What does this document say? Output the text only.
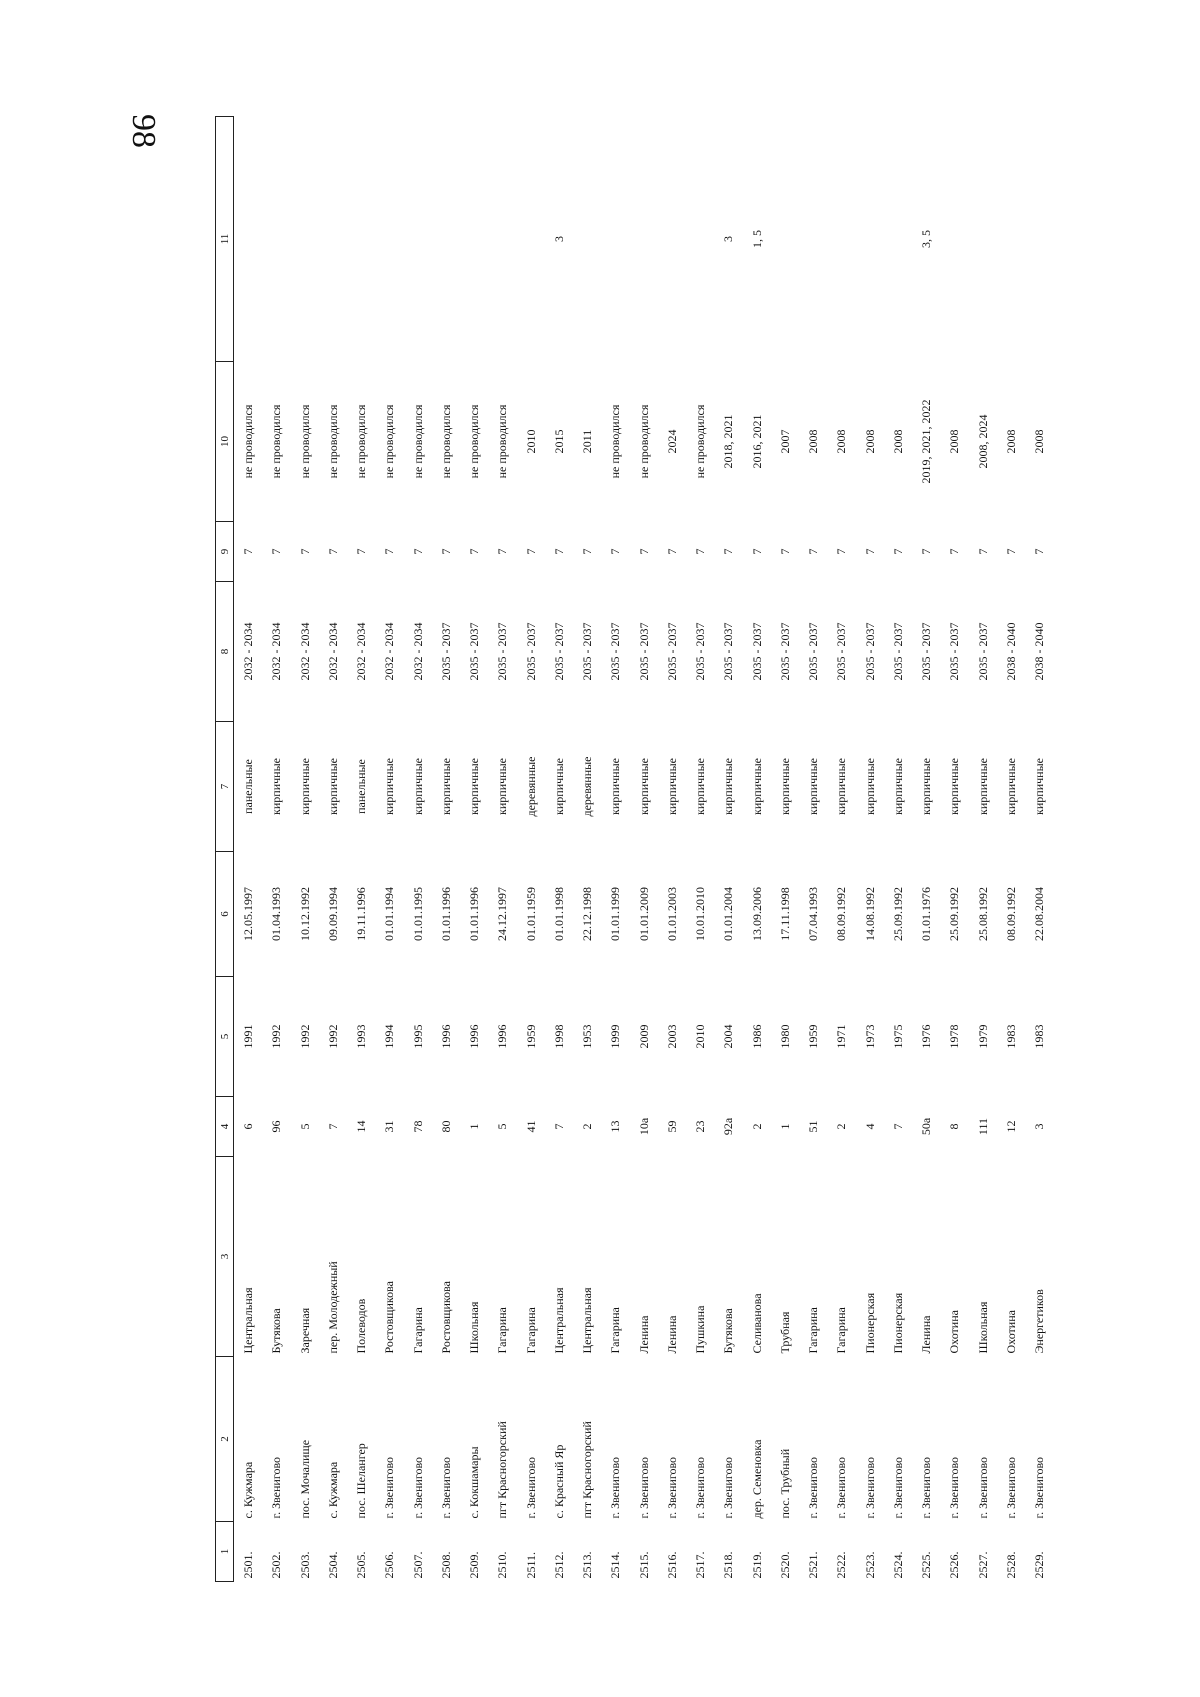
98
1	2	3	4	5	6	7	8	9	10	11
2501.	с. Кужмара	Центральная	6	1991	12.05.1997	панельные	2032 - 2034	7	не проводился	
2502.	г. Звенигово	Бутякова	96	1992	01.04.1993	кирпичные	2032 - 2034	7	не проводился	
2503.	пос. Мочалище	Заречная	5	1992	10.12.1992	кирпичные	2032 - 2034	7	не проводился	
2504.	с. Кужмара	пер. Молодежный	7	1992	09.09.1994	кирпичные	2032 - 2034	7	не проводился	
2505.	пос. Шелангер	Полеводов	14	1993	19.11.1996	панельные	2032 - 2034	7	не проводился	
2506.	г. Звенигово	Ростовщикова	31	1994	01.01.1994	кирпичные	2032 - 2034	7	не проводился	
2507.	г. Звенигово	Гагарина	78	1995	01.01.1995	кирпичные	2032 - 2034	7	не проводился	
2508.	г. Звенигово	Ростовщикова	80	1996	01.01.1996	кирпичные	2035 - 2037	7	не проводился	
2509.	с. Кокшамары	Школьная	1	1996	01.01.1996	кирпичные	2035 - 2037	7	не проводился	
2510.	пгт Красногорский	Гагарина	5	1996	24.12.1997	кирпичные	2035 - 2037	7	не проводился	
2511.	г. Звенигово	Гагарина	41	1959	01.01.1959	деревянные	2035 - 2037	7	2010	
2512.	с. Красный Яр	Центральная	7	1998	01.01.1998	кирпичные	2035 - 2037	7	2015	3
2513.	пгт Красногорский	Центральная	2	1953	22.12.1998	деревянные	2035 - 2037	7	2011	
2514.	г. Звенигово	Гагарина	13	1999	01.01.1999	кирпичные	2035 - 2037	7	не проводился	
2515.	г. Звенигово	Ленина	10а	2009	01.01.2009	кирпичные	2035 - 2037	7	не проводился	
2516.	г. Звенигово	Ленина	59	2003	01.01.2003	кирпичные	2035 - 2037	7	2024	
2517.	г. Звенигово	Пушкина	23	2010	10.01.2010	кирпичные	2035 - 2037	7	не проводился	
2518.	г. Звенигово	Бутякова	92а	2004	01.01.2004	кирпичные	2035 - 2037	7	2018, 2021	3
2519.	дер. Семеновка	Селивановa	2	1986	13.09.2006	кирпичные	2035 - 2037	7	2016, 2021	1, 5
2520.	пос. Трубный	Трубная	1	1980	17.11.1998	кирпичные	2035 - 2037	7	2007	
2521.	г. Звенигово	Гагарина	51	1959	07.04.1993	кирпичные	2035 - 2037	7	2008	
2522.	г. Звенигово	Гагарина	2	1971	08.09.1992	кирпичные	2035 - 2037	7	2008	
2523.	г. Звенигово	Пионерская	4	1973	14.08.1992	кирпичные	2035 - 2037	7	2008	
2524.	г. Звенигово	Пионерская	7	1975	25.09.1992	кирпичные	2035 - 2037	7	2008	
2525.	г. Звенигово	Ленина	50а	1976	01.01.1976	кирпичные	2035 - 2037	7	2019, 2021, 2022	3, 5
2526.	г. Звенигово	Охотина	8	1978	25.09.1992	кирпичные	2035 - 2037	7	2008	
2527.	г. Звенигово	Школьная	111	1979	25.08.1992	кирпичные	2035 - 2037	7	2008, 2024	
2528.	г. Звенигово	Охотина	12	1983	08.09.1992	кирпичные	2038 - 2040	7	2008	
2529.	г. Звенигово	Энергетиков	3	1983	22.08.2004	кирпичные	2038 - 2040	7	2008	
